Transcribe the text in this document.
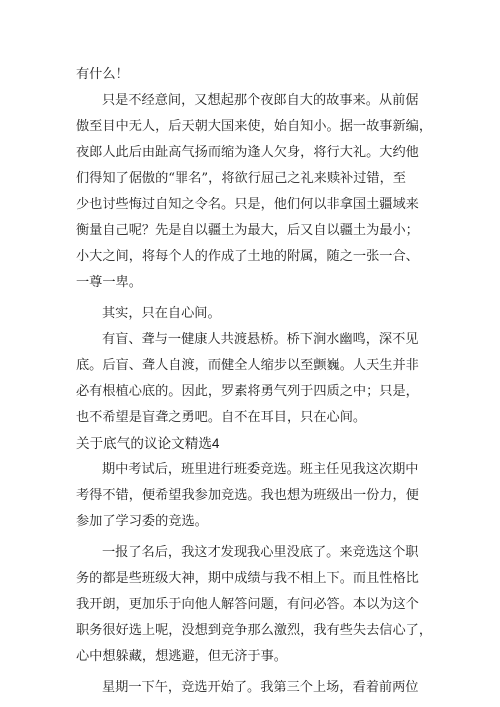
有什么！
只是不经意间，又想起那个夜郎自大的故事来。从前倨
傲至目中无人，后天朝大国来使，始自知小。据一故事新编，
夜郎人此后由趾高气扬而缩为逢人欠身，将行大礼。大约他
们得知了倨傲的“罪名”，将欲行屈己之礼来赎补过错，至
少也讨些悔过自知之令名。只是，他们何以非拿国土疆域来
衡量自己呢？先是自以疆土为最大，后又自以疆土为最小；
小大之间，将每个人的作成了土地的附属，随之一张一合、
一尊一卑。
其实，只在自心间。
有盲、聋与一健康人共渡悬桥。桥下涧水幽鸣，深不见
底。后盲、聋人自渡，而健全人缩步以至颤巍。人天生并非
必有根植心底的。因此，罗素将勇气列于四质之中；只是，
也不希望是盲聋之勇吧。自不在耳目，只在心间。
关于底气的议论文精选4
期中考试后，班里进行班委竞选。班主任见我这次期中
考得不错，便希望我参加竞选。我也想为班级出一份力，便
参加了学习委的竞选。
一报了名后，我这才发现我心里没底了。来竞选这个职
务的都是些班级大神，期中成绩与我不相上下。而且性格比
我开朗，更加乐于向他人解答问题，有问必答。本以为这个
职务很好选上呢，没想到竞争那么激烈，我有些失去信心了，
心中想躲藏，想逃避，但无济于事。
星期一下午，竞选开始了。我第三个上场，看着前两位
